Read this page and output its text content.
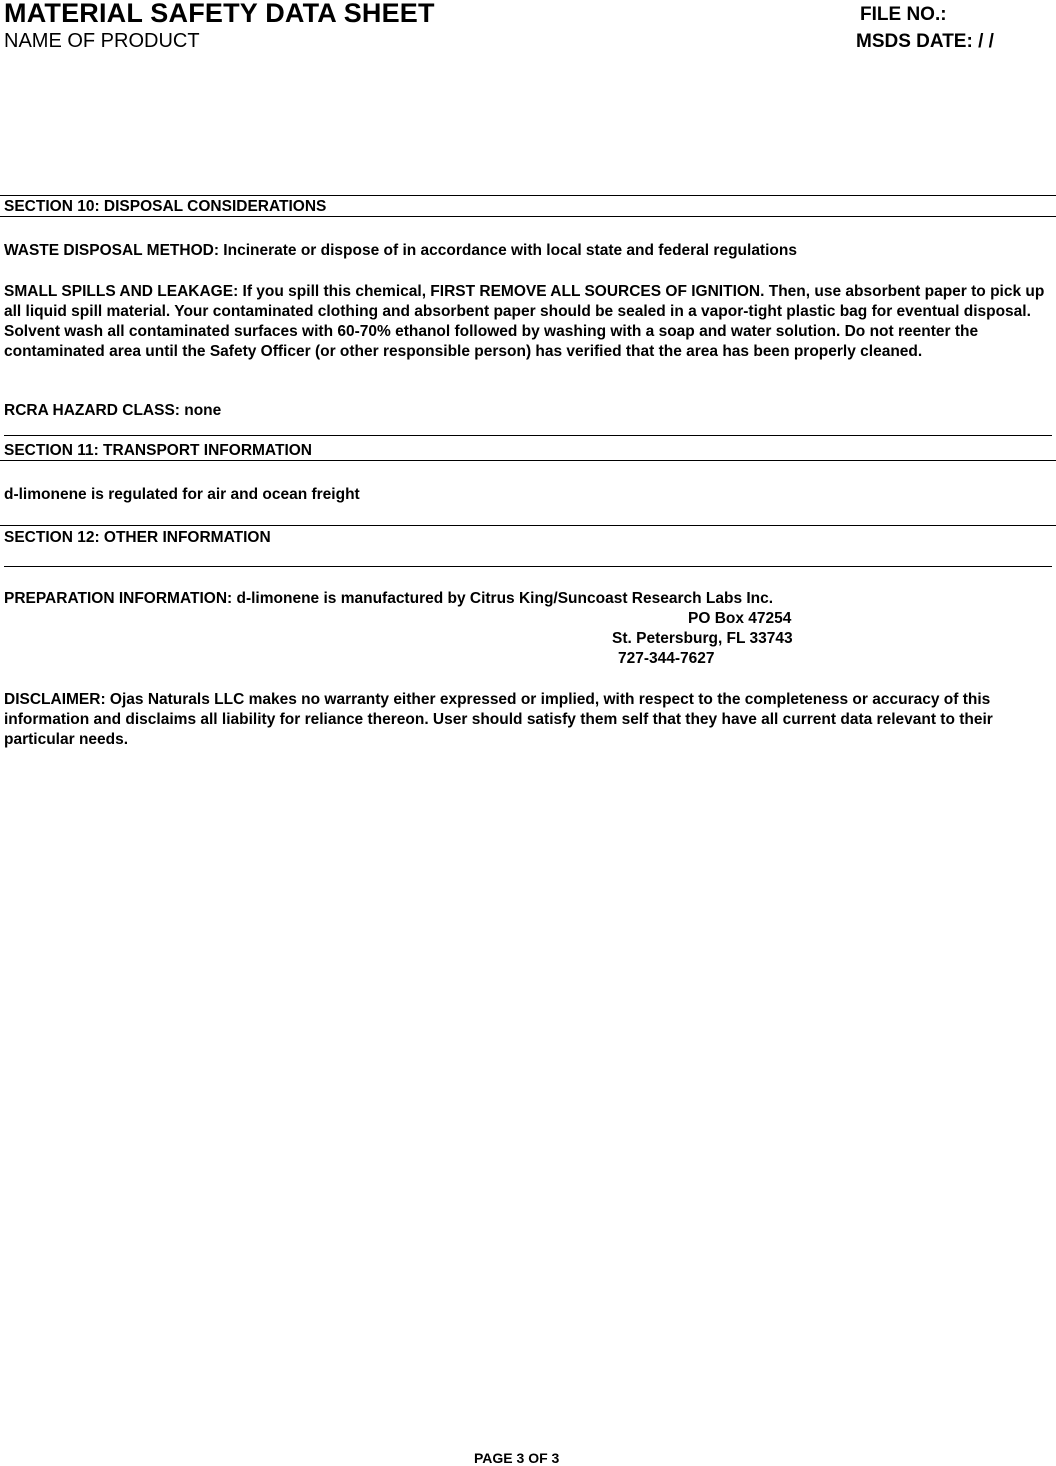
MATERIAL SAFETY DATA SHEET
NAME OF PRODUCT
FILE NO.:
MSDS DATE: / /
SECTION 10: DISPOSAL CONSIDERATIONS
WASTE DISPOSAL METHOD: Incinerate or dispose of in accordance with local state and federal regulations
SMALL SPILLS AND LEAKAGE: If you spill this chemical, FIRST REMOVE ALL SOURCES OF IGNITION. Then, use absorbent paper to pick up all liquid spill material. Your contaminated clothing and absorbent paper should be sealed in a vapor-tight plastic bag for eventual disposal. Solvent wash all contaminated surfaces with 60-70% ethanol followed by washing with a soap and water solution. Do not reenter the contaminated area until the Safety Officer (or other responsible person) has verified that the area has been properly cleaned.
RCRA HAZARD CLASS: none
SECTION 11: TRANSPORT INFORMATION
d-limonene is regulated for air and ocean freight
SECTION 12: OTHER INFORMATION
PREPARATION INFORMATION: d-limonene is manufactured by Citrus King/Suncoast Research Labs Inc.
PO Box 47254
St. Petersburg, FL 33743
727-344-7627
DISCLAIMER: Ojas Naturals LLC makes no warranty either expressed or implied, with respect to the completeness or accuracy of this information and disclaims all liability for reliance thereon. User should satisfy them self that they have all current data relevant to their particular needs.
PAGE 3 OF 3
